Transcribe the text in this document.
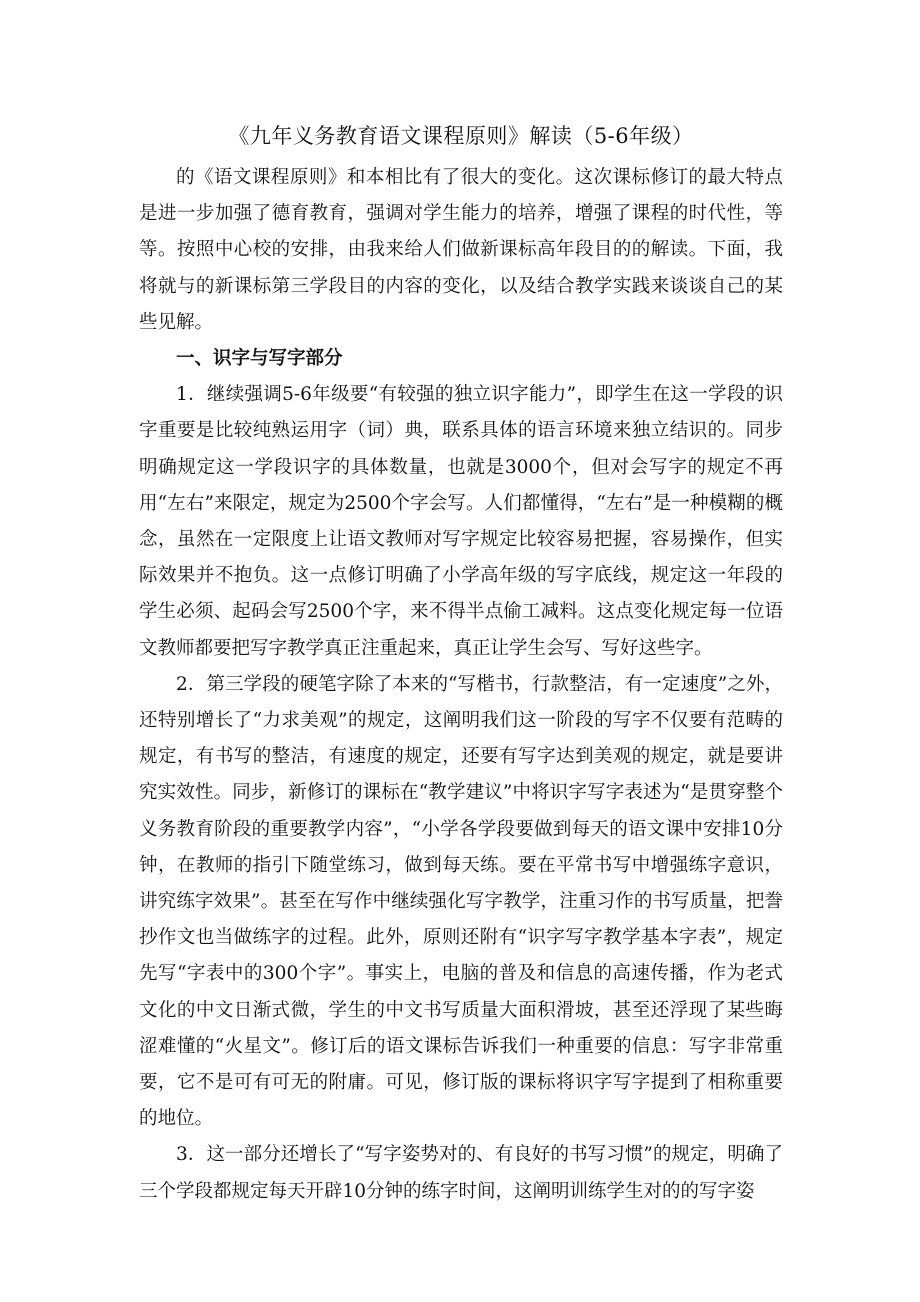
《九年义务教育语文课程原则》解读（5-6年级）

的《语文课程原则》和本相比有了很大的变化。这次课标修订的最大特点是进一步加强了德育教育，强调对学生能力的培养，增强了课程的时代性，等等。按照中心校的安排，由我来给人们做新课标高年段目的的解读。下面，我将就与的新课标第三学段目的内容的变化，以及结合教学实践来谈谈自己的某些见解。

一、识字与写字部分

1．继续强调5-6年级要“有较强的独立识字能力”，即学生在这一学段的识字重要是比较纯熟运用字（词）典，联系具体的语言环境来独立结识的。同步明确规定这一学段识字的具体数量，也就是3000个，但对会写字的规定不再用“左右”来限定，规定为2500个字会写。人们都懂得，“左右”是一种模糊的概念，虽然在一定限度上让语文教师对写字规定比较容易把握，容易操作，但实际效果并不抱负。这一点修订明确了小学高年级的写字底线，规定这一年段的学生必须、起码会写2500个字，来不得半点偷工减料。这点变化规定每一位语文教师都要把写字教学真正注重起来，真正让学生会写、写好这些字。

2．第三学段的硬笔字除了本来的“写楷书，行款整洁，有一定速度”之外，还特别增长了“力求美观”的规定，这阐明我们这一阶段的写字不仅要有范畴的规定，有书写的整洁，有速度的规定，还要有写字达到美观的规定，就是要讲究实效性。同步，新修订的课标在“教学建议”中将识字写字表述为“是贯穿整个义务教育阶段的重要教学内容”，“小学各学段要做到每天的语文课中安排10分钟，在教师的指引下随堂练习，做到每天练。要在平常书写中增强练字意识，讲究练字效果”。甚至在写作中继续强化写字教学，注重习作的书写质量，把誊抄作文也当做练字的过程。此外，原则还附有“识字写字教学基本字表”，规定先写“字表中的300个字”。事实上，电脑的普及和信息的高速传播，作为老式文化的中文日渐式微，学生的中文书写质量大面积滑坡，甚至还浮现了某些晦涩难懂的“火星文”。修订后的语文课标告诉我们一种重要的信息：写字非常重要，它不是可有可无的附庸。可见，修订版的课标将识字写字提到了相称重要的地位。

3．这一部分还增长了“写字姿势对的、有良好的书写习惯”的规定，明确了三个学段都规定每天开辟10分钟的练字时间，这阐明训练学生对的的写字姿
